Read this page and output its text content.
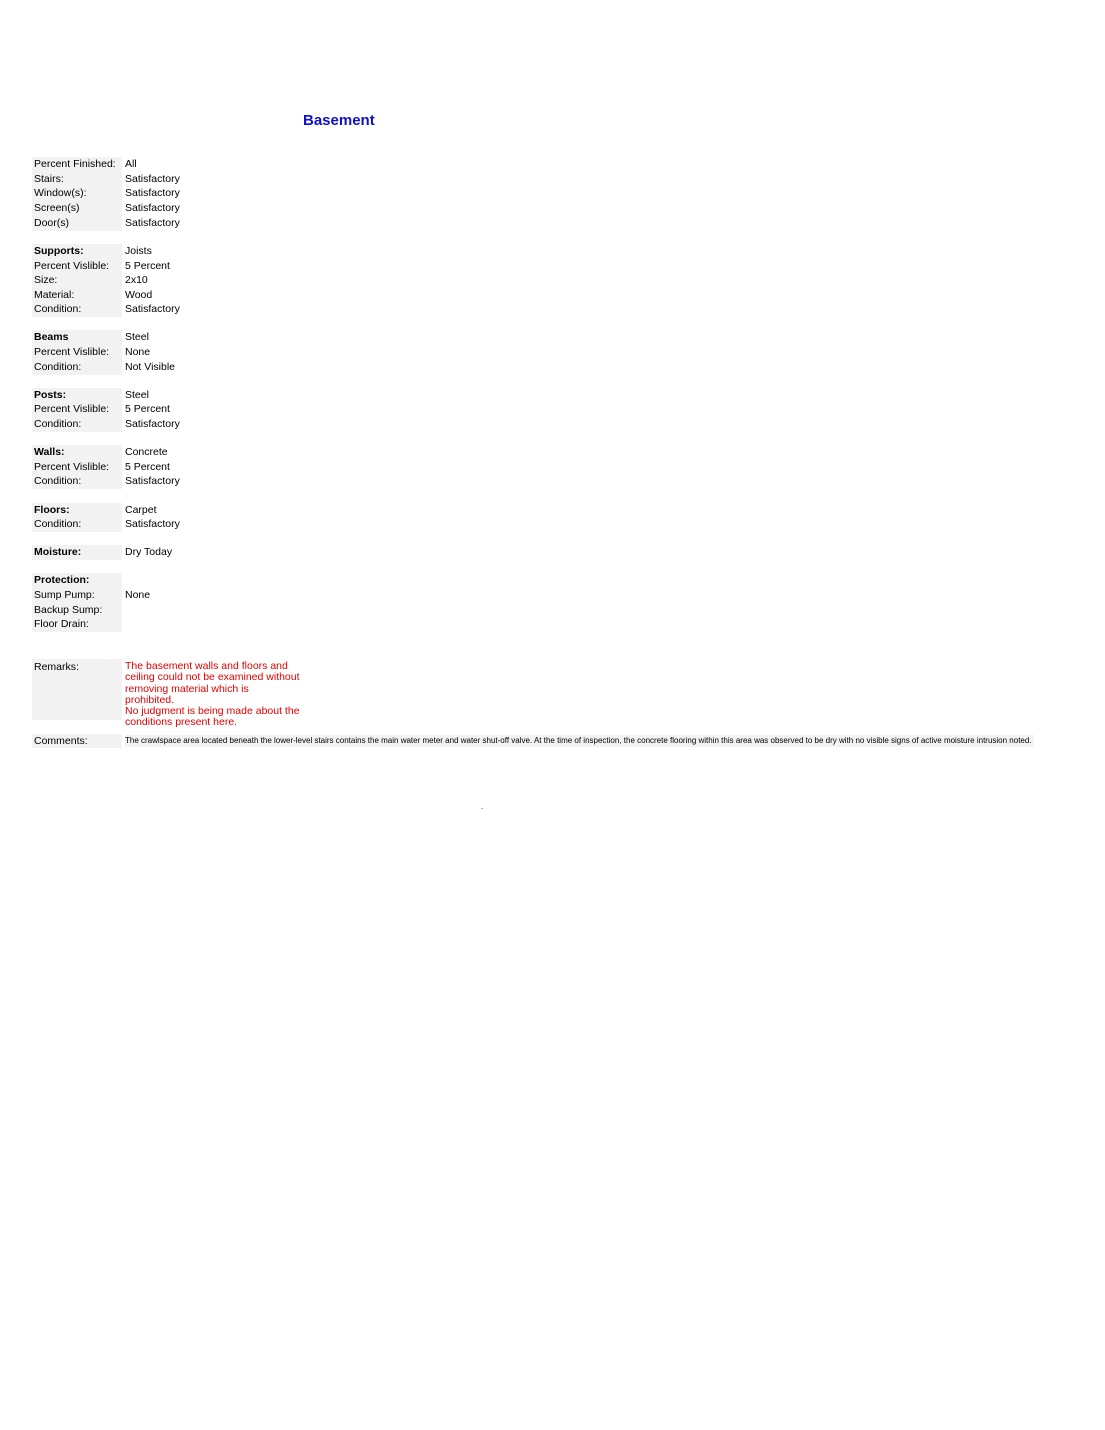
Basement
Percent Finished: All
Stairs:	Satisfactory
Window(s):	Satisfactory
Screen(s)	Satisfactory
Door(s)	Satisfactory
Supports:	Joists
Percent Vislible:	5 Percent
Size:	2x10
Material:	Wood
Condition:	Satisfactory
Beams	Steel
Percent Vislible:	None
Condition:	Not Visible
Posts:	Steel
Percent Vislible:	5 Percent
Condition:	Satisfactory
Walls:	Concrete
Percent Vislible:	5 Percent
Condition:	Satisfactory
Floors:	Carpet
Condition:	Satisfactory
Moisture:	Dry Today
Protection:
Sump Pump:	None
Backup Sump:
Floor Drain:
Remarks:	The basement walls and floors and
ceiling could not be examined without
removing material which is prohibited.
No judgment is being made about the
conditions present here.
Comments:	The crawlspace area located beneath the lower-level stairs contains the main water meter and water shut-off valve. At the time of inspection, the concrete flooring within this area was observed to be dry with no visible signs of active moisture intrusion noted.
.
